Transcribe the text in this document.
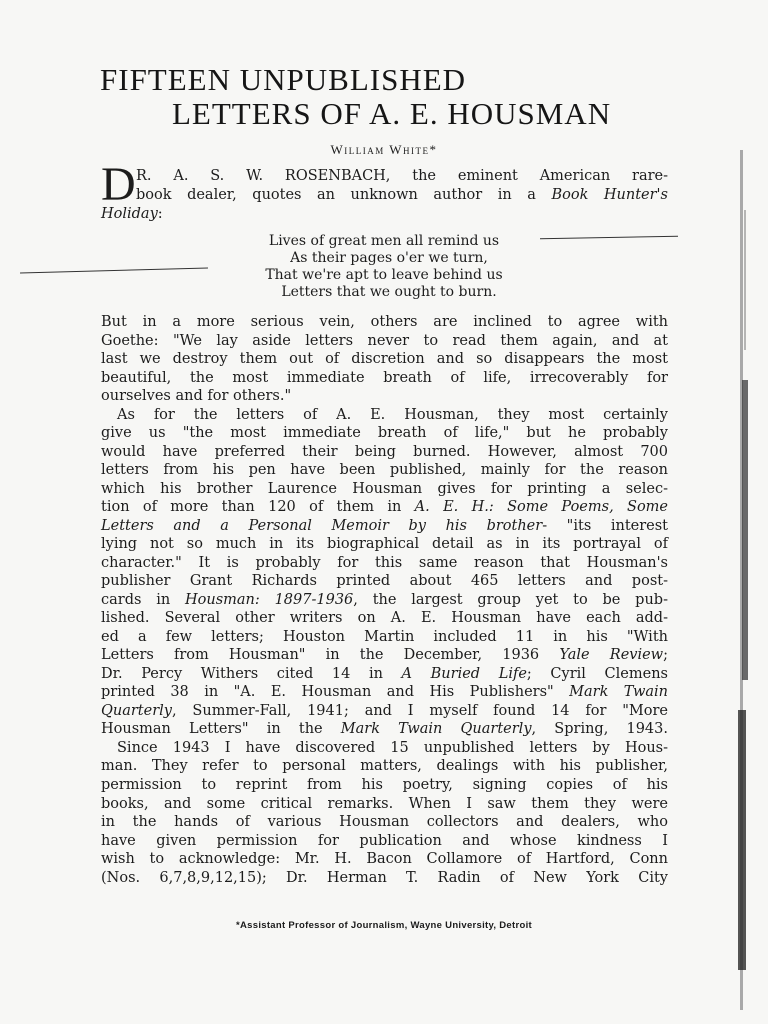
FIFTEEN UNPUBLISHED
LETTERS OF A. E. HOUSMAN
William White*
D R. A. S. W. ROSENBACH, the eminent American rare-
book dealer, quotes an unknown author in a Book Hunter's
Holiday:
Lives of great men all remind us
As their pages o'er we turn,
That we're apt to leave behind us
Letters that we ought to burn.
But in a more serious vein, others are inclined to agree with
Goethe: "We lay aside letters never to read them again, and at
last we destroy them out of discretion and so disappears the most
beautiful, the most immediate breath of life, irrecoverably for
ourselves and for others."
As for the letters of A. E. Housman, they most certainly
give us "the most immediate breath of life," but he probably
would have preferred their being burned. However, almost 700
letters from his pen have been published, mainly for the reason
which his brother Laurence Housman gives for printing a selec-
tion of more than 120 of them in A. E. H.: Some Poems, Some
Letters and a Personal Memoir by his brother- "its interest
lying not so much in its biographical detail as in its portrayal of
character." It is probably for this same reason that Housman's
publisher Grant Richards printed about 465 letters and post-
cards in Housman: 1897-1936, the largest group yet to be pub-
lished. Several other writers on A. E. Housman have each add-
ed a few letters; Houston Martin included 11 in his "With
Letters from Housman" in the December, 1936 Yale Review;
Dr. Percy Withers cited 14 in A Buried Life; Cyril Clemens
printed 38 in "A. E. Housman and His Publishers" Mark Twain
Quarterly, Summer-Fall, 1941; and I myself found 14 for "More
Housman Letters" in the Mark Twain Quarterly, Spring, 1943.
Since 1943 I have discovered 15 unpublished letters by Hous-
man. They refer to personal matters, dealings with his publisher,
permission to reprint from his poetry, signing copies of his
books, and some critical remarks. When I saw them they were
in the hands of various Housman collectors and dealers, who
have given permission for publication and whose kindness I
wish to acknowledge: Mr. H. Bacon Collamore of Hartford, Conn
(Nos. 6,7,8,9,12,15); Dr. Herman T. Radin of New York City
*Assistant Professor of Journalism, Wayne University, Detroit
